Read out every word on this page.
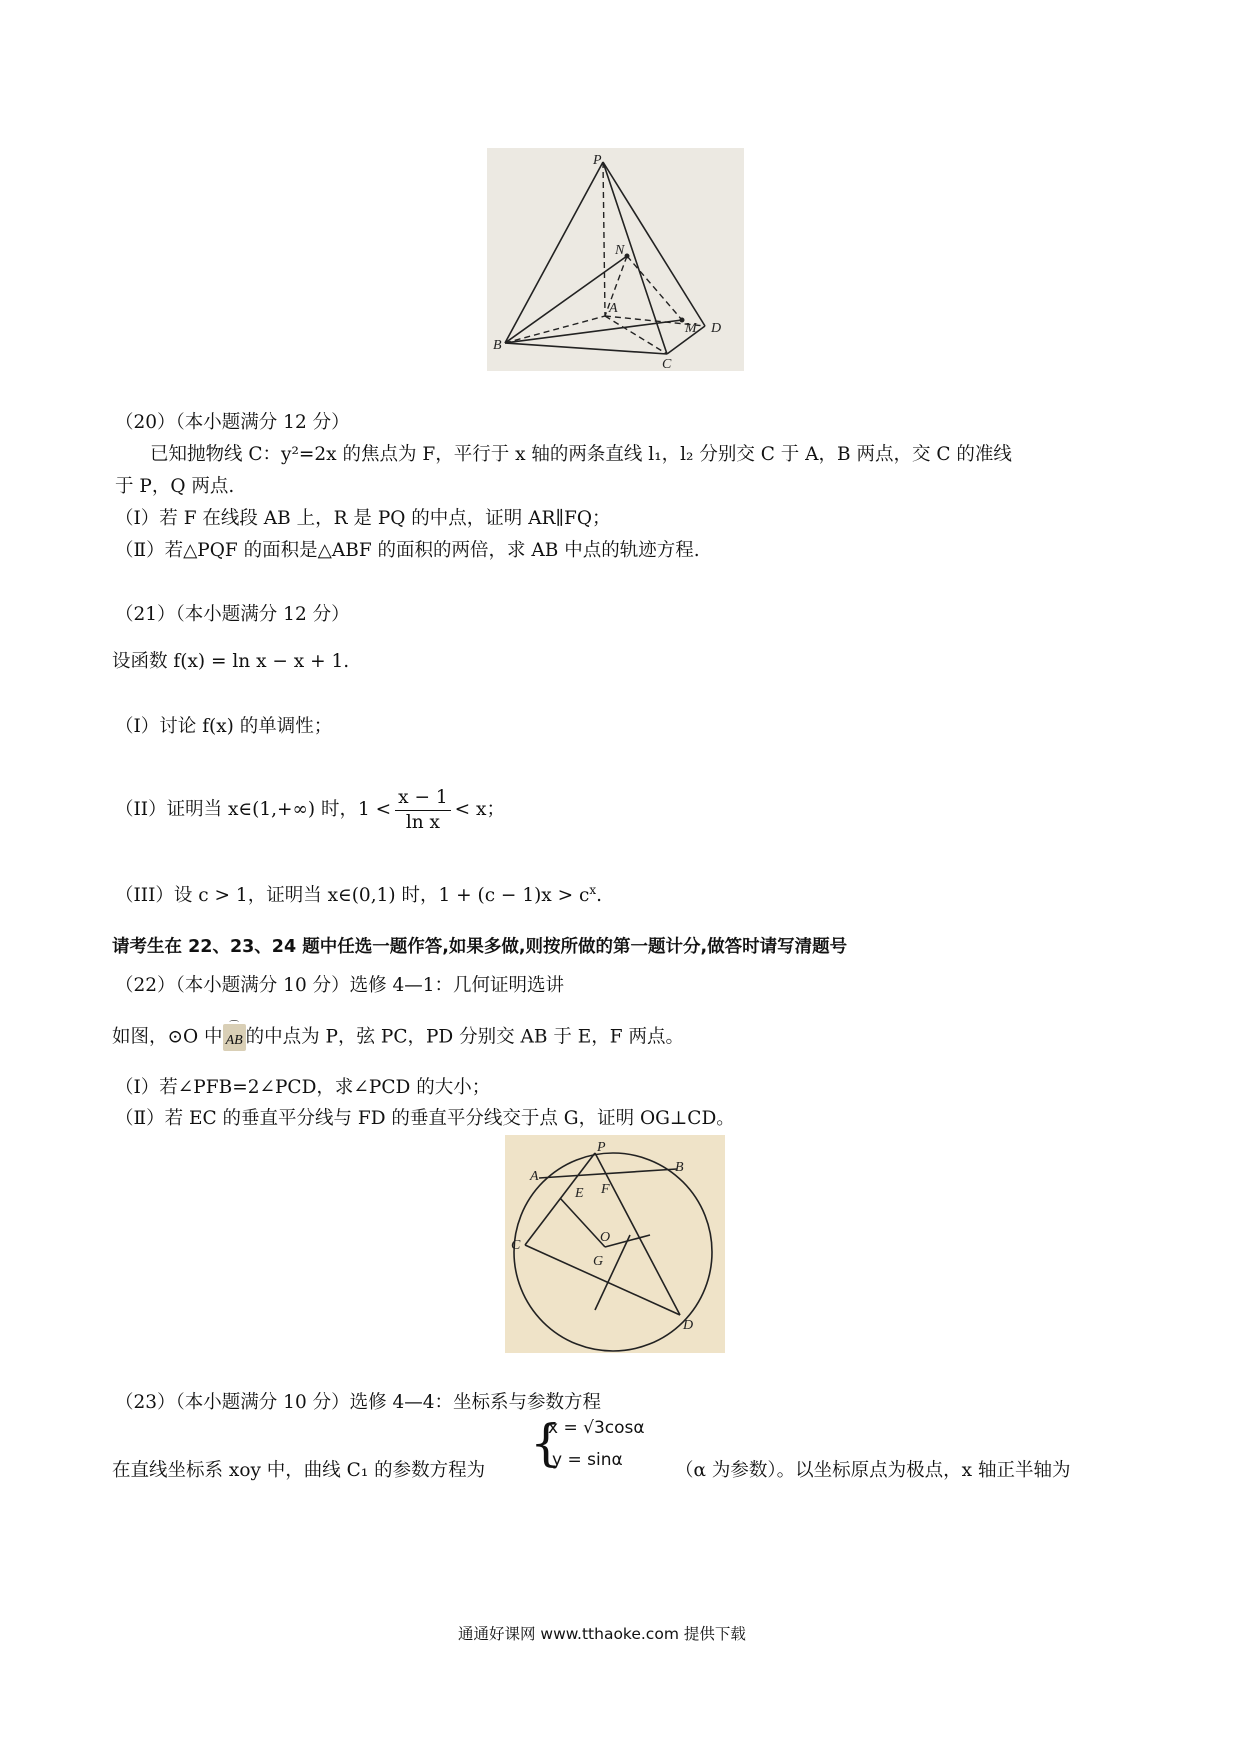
P
N
A
M D
B
C
（20）（本小题满分 12 分）
已知抛物线 C：y²=2x 的焦点为 F，平行于 x 轴的两条直线 l₁，l₂ 分别交 C 于 A，B 两点，交 C 的准线
于 P，Q 两点.
（Ⅰ）若 F 在线段 AB 上，R 是 PQ 的中点，证明 AR∥FQ；
（Ⅱ）若△PQF 的面积是△ABF 的面积的两倍，求 AB 中点的轨迹方程.
（21）（本小题满分 12 分）
设函数 f(x) = ln x − x + 1.
（I）讨论 f(x) 的单调性；
（II）证明当 x∈(1,+∞) 时，$1 < \frac{x - 1}{\text{ln x}} < x$；
（III）设 c > 1，证明当 x∈(0,1) 时，$1 + (c - 1)x > c^x$.
请考生在 22、23、24 题中任选一题作答,如果多做,则按所做的第一题计分,做答时请写清题号
（22）（本小题满分 10 分）选修 4—1：几何证明选讲
如图，⊙O 中 ⌒
AB 的中点为 P，弦 PC，PD 分别交 AB 于 E，F 两点。
（Ⅰ）若∠PFB=2∠PCD，求∠PCD 的大小；
（Ⅱ）若 EC 的垂直平分线与 FD 的垂直平分线交于点 G，证明 OG⊥CD。
P
A
B
E F
C
O
G
D
（23）（本小题满分 10 分）选修 4—4：坐标系与参数方程
{
x = √3cosα
y = sinα
在直线坐标系 xoy 中，曲线 C₁ 的参数方程为	（α 为参数）。以坐标原点为极点，x 轴正半轴为
通通好课网 www.tthaoke.com 提供下载
